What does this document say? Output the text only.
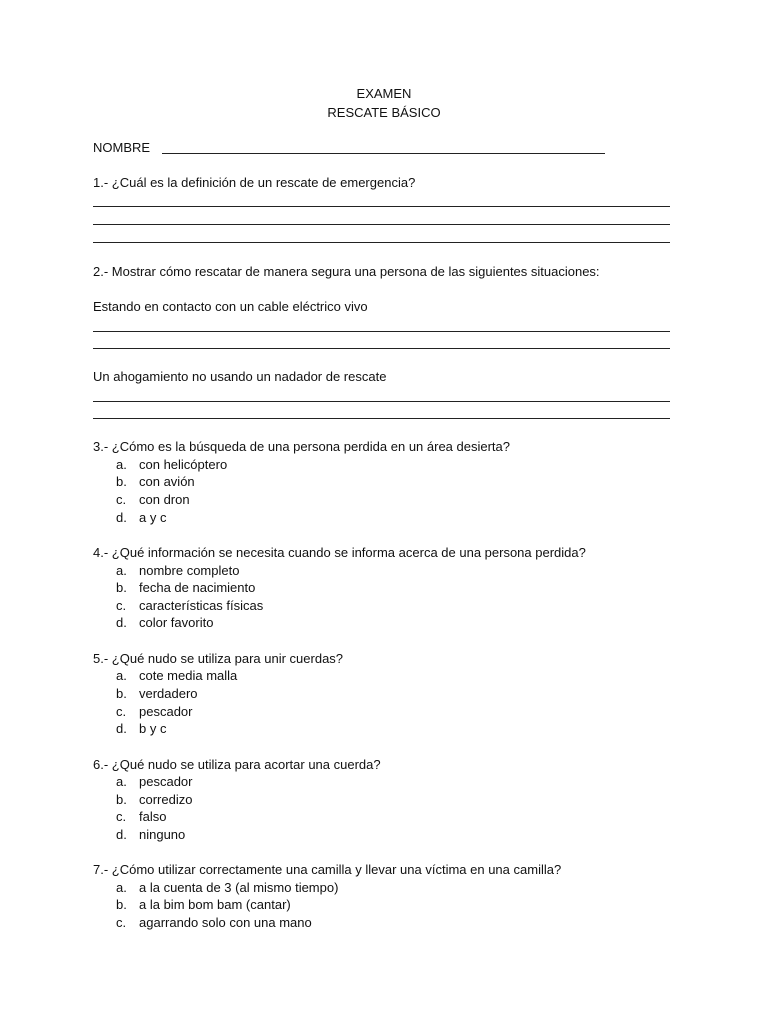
EXAMEN
RESCATE BÁSICO
NOMBRE
1.- ¿Cuál es la definición de un rescate de emergencia?
2.- Mostrar cómo rescatar de manera segura una persona de las siguientes situaciones:
Estando en contacto con un cable eléctrico vivo
Un ahogamiento no usando un nadador de rescate
3.- ¿Cómo es la búsqueda de una persona perdida en un área desierta?
a. con helicóptero
b. con avión
c. con dron
d. a y c
4.- ¿Qué información se necesita cuando se informa acerca de una persona perdida?
a. nombre completo
b. fecha de nacimiento
c. características físicas
d. color favorito
5.- ¿Qué nudo se utiliza para unir cuerdas?
a. cote media malla
b. verdadero
c. pescador
d. b y c
6.- ¿Qué nudo se utiliza para acortar una cuerda?
a. pescador
b. corredizo
c. falso
d. ninguno
7.- ¿Cómo utilizar correctamente una camilla y llevar una víctima en una camilla?
a. a la cuenta de 3 (al mismo tiempo)
b. a la bim bom bam (cantar)
c. agarrando solo con una mano
